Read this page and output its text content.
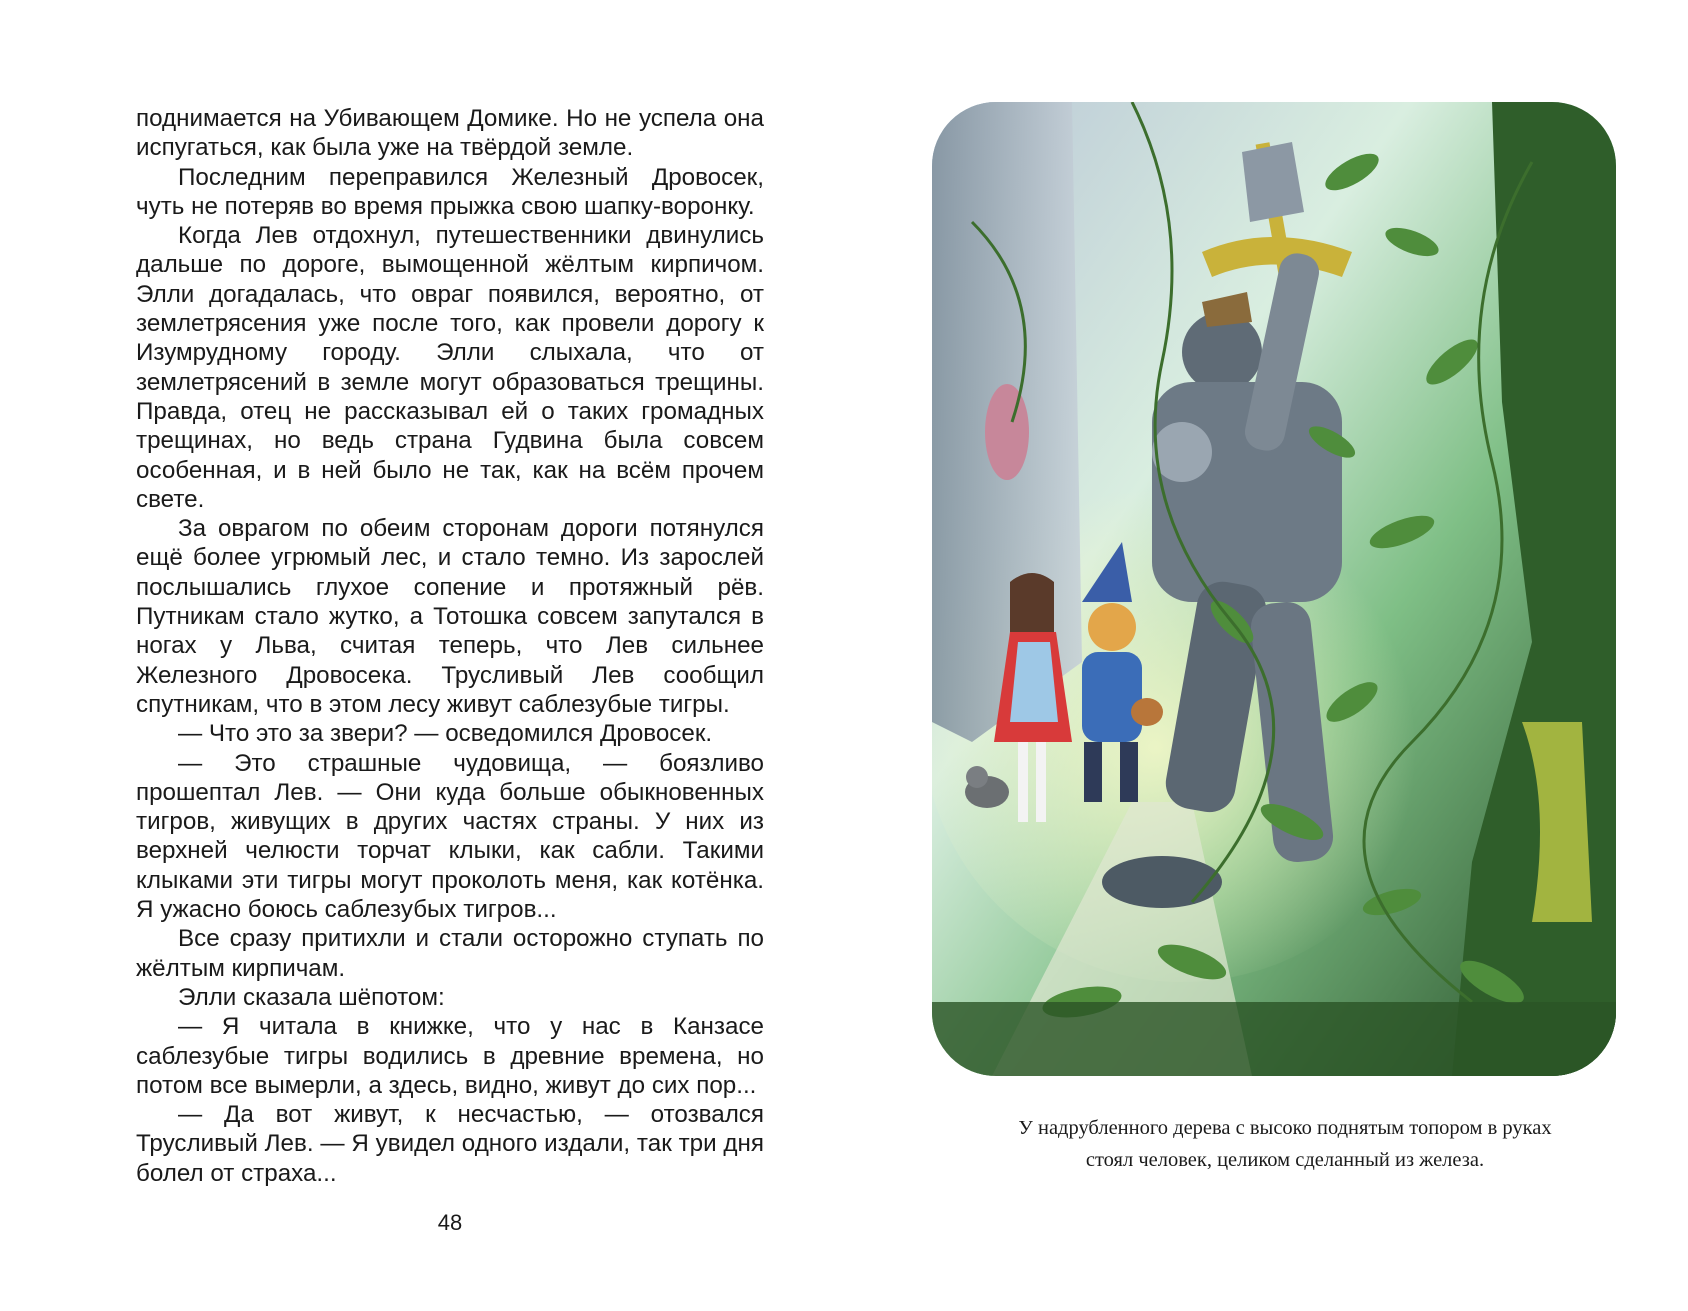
поднимается на Убивающем Домике. Но не успела она испугаться, как была уже на твёрдой земле.

Последним переправился Железный Дровосек, чуть не потеряв во время прыжка свою шапку-воронку.

Когда Лев отдохнул, путешественники двинулись дальше по дороге, вымощенной жёлтым кирпичом. Элли догадалась, что овраг появился, вероятно, от землетрясения уже после того, как провели дорогу к Изумрудному городу. Элли слыхала, что от землетрясений в земле могут образоваться трещины. Правда, отец не рассказывал ей о таких громадных трещинах, но ведь страна Гудвина была совсем особенная, и в ней было не так, как на всём прочем свете.

За оврагом по обеим сторонам дороги потянулся ещё более угрюмый лес, и стало темно. Из зарослей послышались глухое сопение и протяжный рёв. Путникам стало жутко, а Тотошка совсем запутался в ногах у Льва, считая теперь, что Лев сильнее Железного Дровосека. Трусливый Лев сообщил спутникам, что в этом лесу живут саблезубые тигры.

— Что это за звери? — осведомился Дровосек.

— Это страшные чудовища, — боязливо прошептал Лев. — Они куда больше обыкновенных тигров, живущих в других частях страны. У них из верхней челюсти торчат клыки, как сабли. Такими клыками эти тигры могут проколоть меня, как котёнка. Я ужасно боюсь саблезубых тигров...

Все сразу притихли и стали осторожно ступать по жёлтым кирпичам.

Элли сказала шёпотом:

— Я читала в книжке, что у нас в Канзасе саблезубые тигры водились в древние времена, но потом все вымерли, а здесь, видно, живут до сих пор...

— Да вот живут, к несчастью, — отозвался Трусливый Лев. — Я увидел одного издали, так три дня болел от страха...

48
У надрубленного дерева с высоко поднятым топором в руках
стоял человек, целиком сделанный из железа.
